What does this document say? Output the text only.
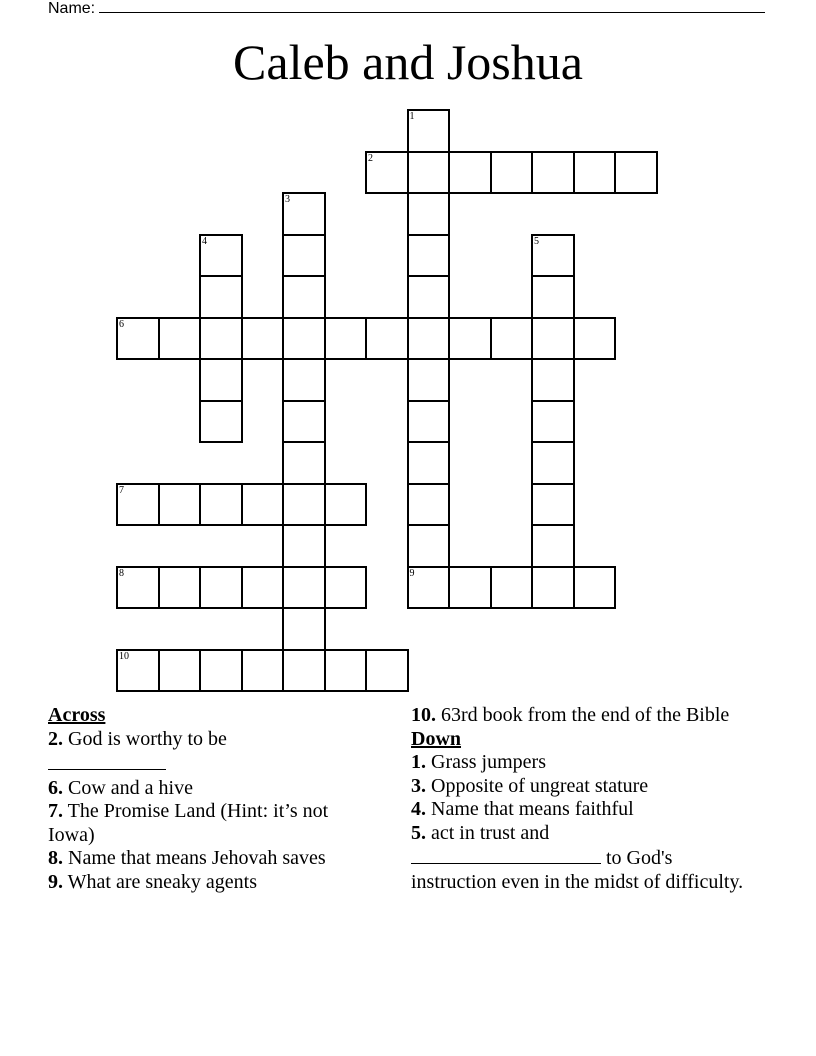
Name:
Caleb and Joshua
1
9
2
3
4	5
6
7
8
10
Across
2. God is worthy to be

6. Cow and a hive
7. The Promise Land (Hint: it’s not Iowa)
8. Name that means Jehovah saves
9. What are sneaky agents
10. 63rd book from the end of the Bible
Down
1. Grass jumpers
3. Opposite of ungreat stature
4. Name that means faithful
5. act in trust and
to God's instruction even in the midst of difficulty.
